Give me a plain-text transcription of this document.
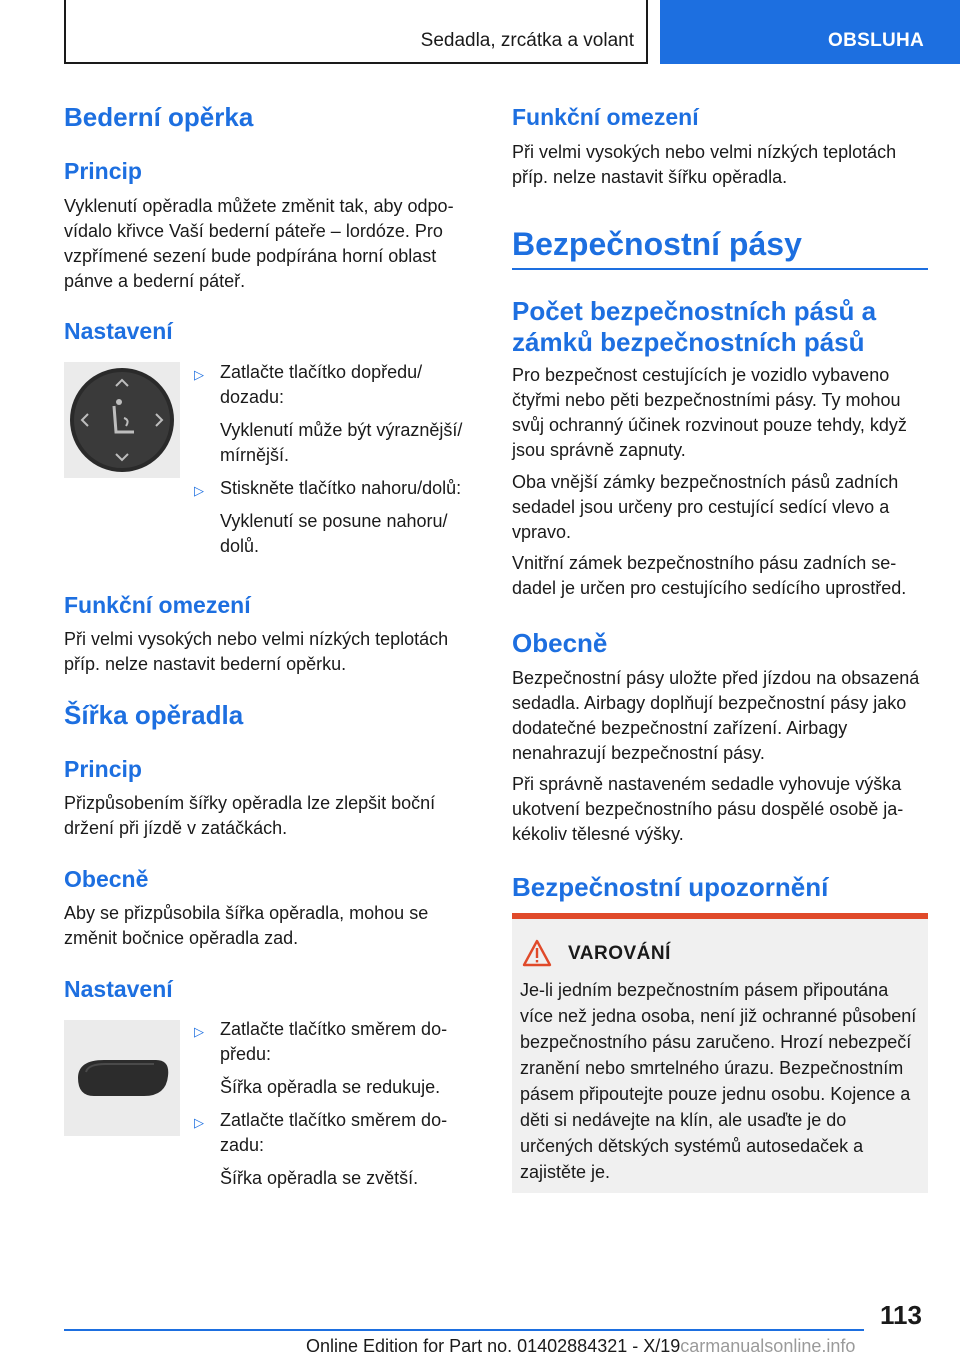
Sedadla, zrcátka a volant	OBSLUHA
Bederní opěrka
Princip

Vyklenutí opěradla můžete změnit tak, aby odpovídalo křivce Vaší bederní páteře – lordóze. Pro vzpřímené sezení bude podpírána horní oblast pánve a bederní páteř.

Nastavení
▷ Zatlačte tlačítko dopředu/ dozadu:
Vyklenutí může být výraznější/ mírnější.
▷ Stiskněte tlačítko nahoru/dolů:
Vyklenutí se posune nahoru/ dolů.
Funkční omezení

Při velmi vysokých nebo velmi nízkých teplotách příp. nelze nastavit bederní opěrku.

Šířka opěradla
Princip

Přizpůsobením šířky opěradla lze zlepšit boční držení při jízdě v zatáčkách.

Obecně

Aby se přizpůsobila šířka opěradla, mohou se změnit bočnice opěradla zad.

Nastavení
▷ Zatlačte tlačítko směrem dopředu:
Šířka opěradla se redukuje.
▷ Zatlačte tlačítko směrem dozadu:
Šířka opěradla se zvětší.
Funkční omezení

Při velmi vysokých nebo velmi nízkých teplotách příp. nelze nastavit šířku opěradla.

Bezpečnostní pásy
Počet bezpečnostních pásů a zámků bezpečnostních pásů

Pro bezpečnost cestujících je vozidlo vybaveno čtyřmi nebo pěti bezpečnostními pásy. Ty mohou svůj ochranný účinek rozvinout pouze tehdy, když jsou správně zapnuty.

Oba vnější zámky bezpečnostních pásů zadních sedadel jsou určeny pro cestující sedící vlevo a vpravo.

Vnitřní zámek bezpečnostního pásu zadních sedadel je určen pro cestujícího sedícího uprostřed.

Obecně

Bezpečnostní pásy uložte před jízdou na obsazená sedadla. Airbagy doplňují bezpečnostní pásy jako dodatečné bezpečnostní zařízení. Airbagy nenahrazují bezpečnostní pásy.

Při správně nastaveném sedadle vyhovuje výška ukotvení bezpečnostního pásu dospělé osobě jakékoliv tělesné výšky.

Bezpečnostní upozornění
VAROVÁNÍ
Je-li jedním bezpečnostním pásem připoutána více než jedna osoba, není již ochranné působení bezpečnostního pásu zaručeno. Hrozí nebezpečí zranění nebo smrtelného úrazu. Bezpečnostním pásem připoutejte pouze jednu osobu. Kojence a děti si nedávejte na klín, ale usaďte je do určených dětských systémů autosedaček a zajistěte je.
113
Online Edition for Part no. 01402884321 - X/19carmanualsonline.info
